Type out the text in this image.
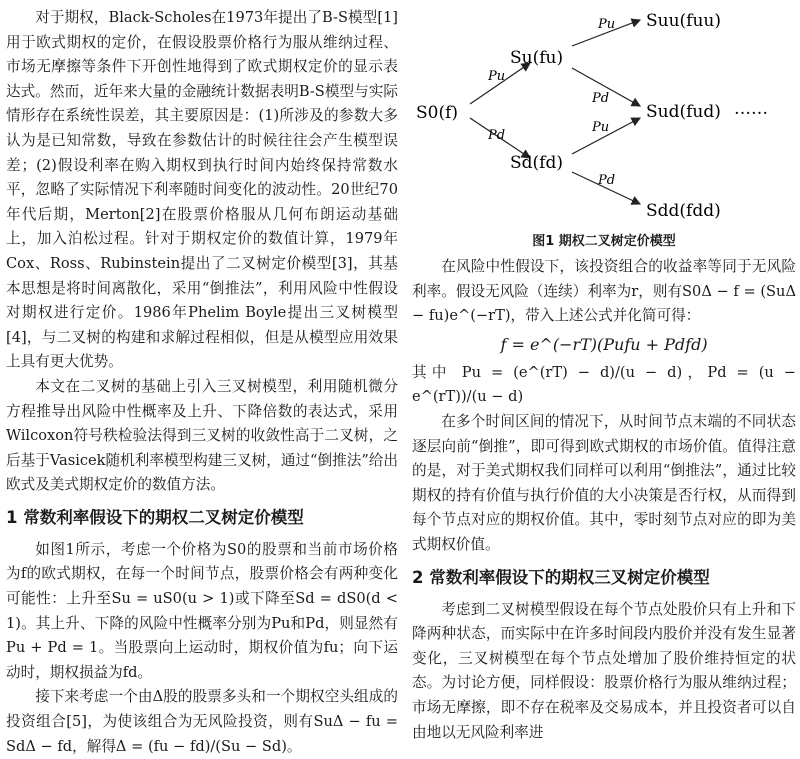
对于期权，Black-Scholes在1973年提出了B-S模型[1]用于欧式期权的定价，在假设股票价格行为服从维纳过程、市场无摩擦等条件下开创性地得到了欧式期权定价的显示表达式。然而，近年来大量的金融统计数据表明B-S模型与实际情形存在系统性误差，其主要原因是：(1)所涉及的参数大多认为是已知常数，导致在参数估计的时候往往会产生模型误差；(2)假设利率在购入期权到执行时间内始终保持常数水平，忽略了实际情况下利率随时间变化的波动性。20世纪70年代后期，Merton[2]在股票价格服从几何布朗运动基础上，加入泊松过程。针对于期权定价的数值计算，1979年Cox、Ross、Rubinstein提出了二叉树定价模型[3]，其基本思想是将时间离散化，采用“倒推法”，利用风险中性假设对期权进行定价。1986年Phelim Boyle提出三叉树模型[4]，与二叉树的构建和求解过程相似，但是从模型应用效果上具有更大优势。

本文在二叉树的基础上引入三叉树模型，利用随机微分方程推导出风险中性概率及上升、下降倍数的表达式，采用Wilcoxon符号秩检验法得到三叉树的收敛性高于二叉树，之后基于Vasicek随机利率模型构建三叉树，通过“倒推法”给出欧式及美式期权定价的数值方法。

1 常数利率假设下的期权二叉树定价模型

如图1所示，考虑一个价格为S0的股票和当前市场价格为f的欧式期权，在每一个时间节点，股票价格会有两种变化可能性：上升至Su = uS0(u > 1)或下降至Sd = dS0(d < 1)。其上升、下降的风险中性概率分别为Pu和Pd，则显然有Pu + Pd = 1。当股票向上运动时，期权价值为fu；向下运动时，期权损益为fd。

接下来考虑一个由Δ股的股票多头和一个期权空头组成的投资组合[5]，为使该组合为无风险投资，则有SuΔ − fu = SdΔ − fd，解得Δ = (fu − fd)/(Su − Sd)。

Pu
Pd
Pu
Pd
Pu
Pd
S0(f)
Su(fu)
Sd(fd)
Suu(fuu)
Sud(fud)
Sdd(fdd)
……
图1 期权二叉树定价模型

在风险中性假设下，该投资组合的收益率等同于无风险利率。假设无风险（连续）利率为r，则有S0Δ − f = (SuΔ − fu)e^(−rT)，带入上述公式并化简可得：

f = e^(−rT)(Pufu + Pdfd)

其中 Pu = (e^(rT) − d)/(u − d)，Pd = (u − e^(rT))/(u − d)

在多个时间区间的情况下，从时间节点末端的不同状态逐层向前“倒推”，即可得到欧式期权的市场价值。值得注意的是，对于美式期权我们同样可以利用“倒推法”，通过比较期权的持有价值与执行价值的大小决策是否行权，从而得到每个节点对应的期权价值。其中，零时刻节点对应的即为美式期权价值。

2 常数利率假设下的期权三叉树定价模型

考虑到二叉树模型假设在每个节点处股价只有上升和下降两种状态，而实际中在许多时间段内股价并没有发生显著变化，三叉树模型在每个节点处增加了股价维持恒定的状态。为讨论方便，同样假设：股票价格行为服从维纳过程；市场无摩擦，即不存在税率及交易成本，并且投资者可以自由地以无风险利率进
